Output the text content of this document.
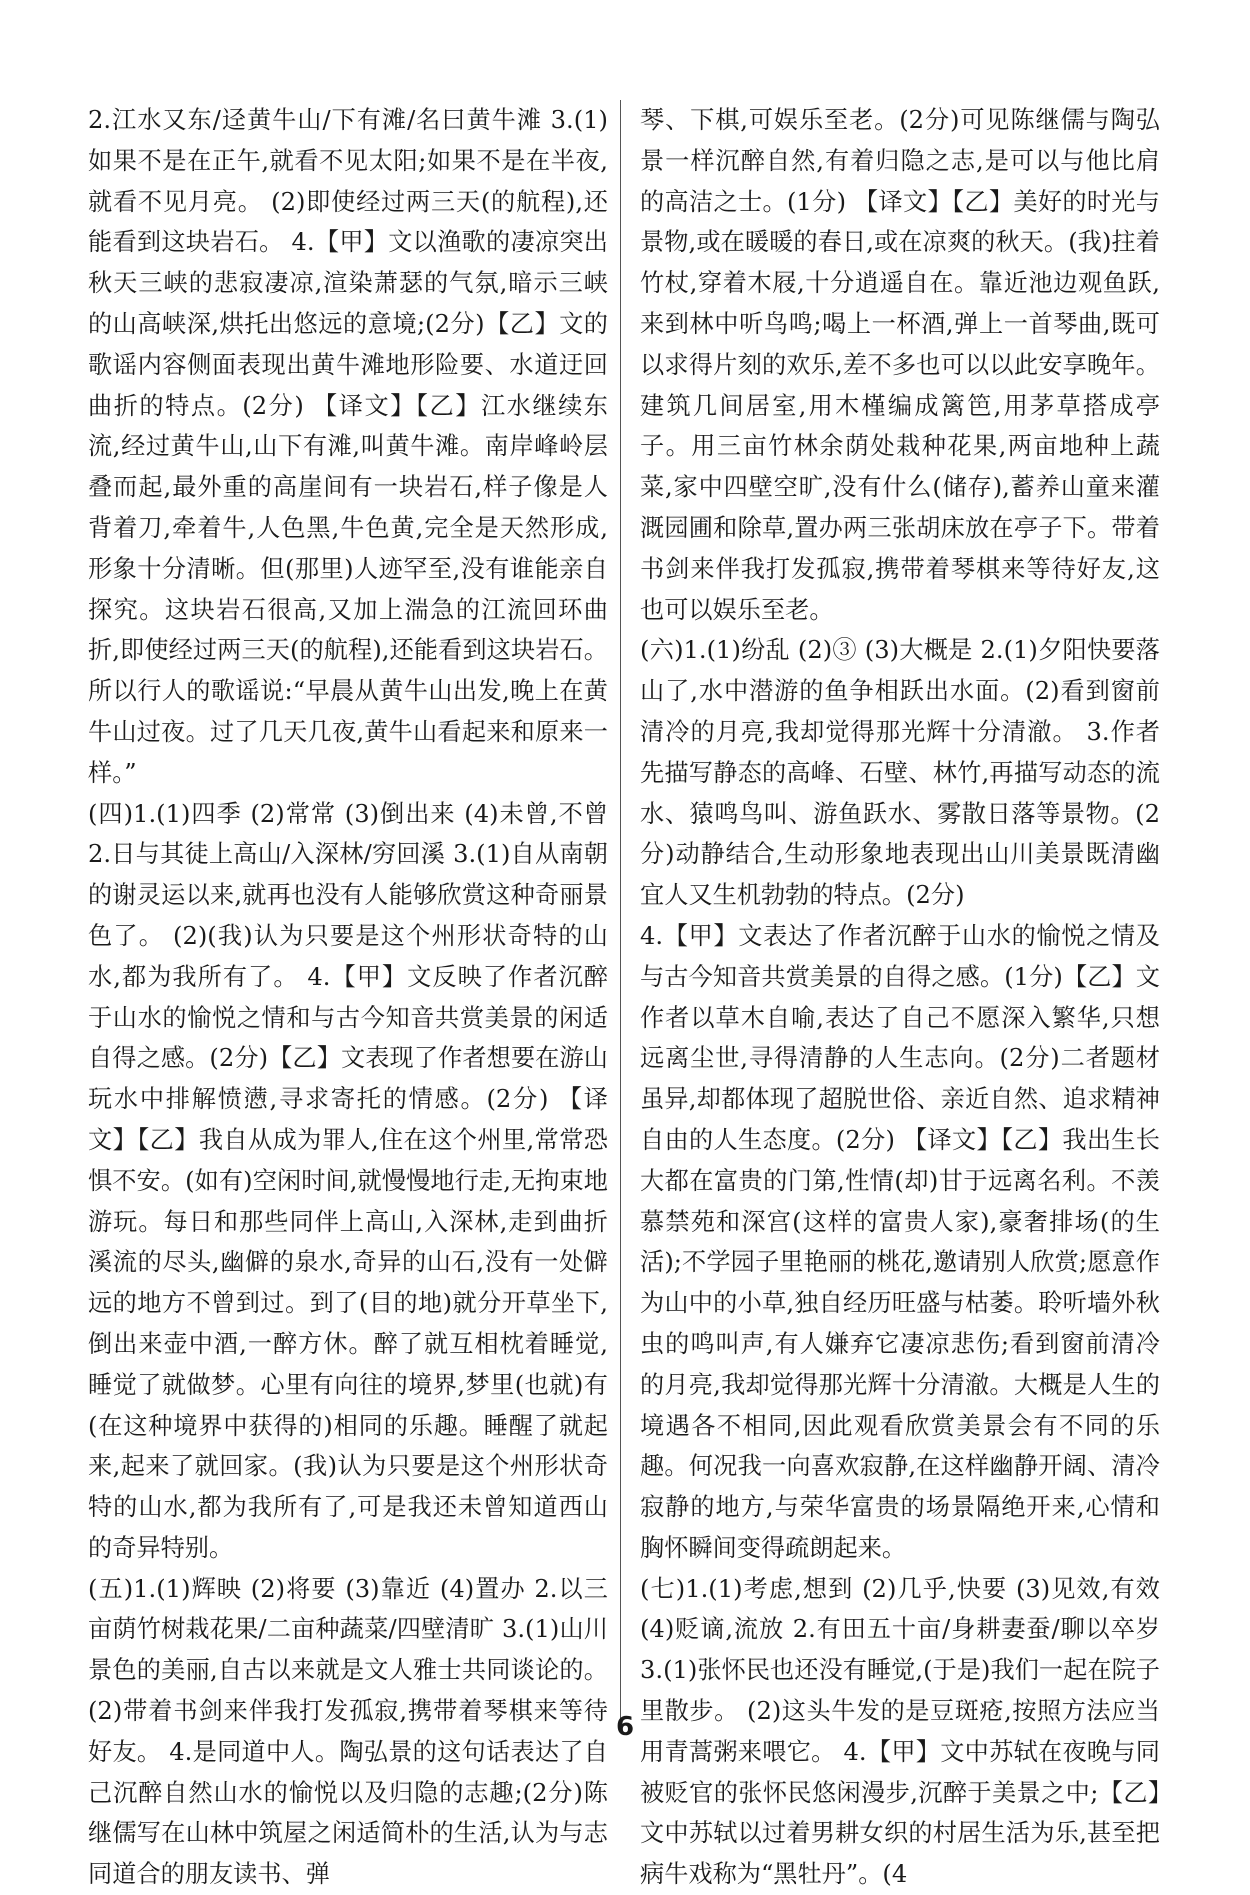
2.江水又东/迳黄牛山/下有滩/名曰黄牛滩 3.(1)如果不是在正午,就看不见太阳;如果不是在半夜,就看不见月亮。 (2)即使经过两三天(的航程),还能看到这块岩石。 4.【甲】文以渔歌的凄凉突出秋天三峡的悲寂凄凉,渲染萧瑟的气氛,暗示三峡的山高峡深,烘托出悠远的意境;(2分)【乙】文的歌谣内容侧面表现出黄牛滩地形险要、水道迂回曲折的特点。(2分) 【译文】【乙】江水继续东流,经过黄牛山,山下有滩,叫黄牛滩。南岸峰岭层叠而起,最外重的高崖间有一块岩石,样子像是人背着刀,牵着牛,人色黑,牛色黄,完全是天然形成,形象十分清晰。但(那里)人迹罕至,没有谁能亲自探究。这块岩石很高,又加上湍急的江流回环曲折,即使经过两三天(的航程),还能看到这块岩石。所以行人的歌谣说:“早晨从黄牛山出发,晚上在黄牛山过夜。过了几天几夜,黄牛山看起来和原来一样。”

(四)1.(1)四季 (2)常常 (3)倒出来 (4)未曾,不曾 2.日与其徒上高山/入深林/穷回溪 3.(1)自从南朝的谢灵运以来,就再也没有人能够欣赏这种奇丽景色了。 (2)(我)认为只要是这个州形状奇特的山水,都为我所有了。 4.【甲】文反映了作者沉醉于山水的愉悦之情和与古今知音共赏美景的闲适自得之感。(2分)【乙】文表现了作者想要在游山玩水中排解愤懑,寻求寄托的情感。(2分) 【译文】【乙】我自从成为罪人,住在这个州里,常常恐惧不安。(如有)空闲时间,就慢慢地行走,无拘束地游玩。每日和那些同伴上高山,入深林,走到曲折溪流的尽头,幽僻的泉水,奇异的山石,没有一处僻远的地方不曾到过。到了(目的地)就分开草坐下,倒出来壶中酒,一醉方休。醉了就互相枕着睡觉,睡觉了就做梦。心里有向往的境界,梦里(也就)有(在这种境界中获得的)相同的乐趣。睡醒了就起来,起来了就回家。(我)认为只要是这个州形状奇特的山水,都为我所有了,可是我还未曾知道西山的奇异特别。

(五)1.(1)辉映 (2)将要 (3)靠近 (4)置办 2.以三亩荫竹树栽花果/二亩种蔬菜/四壁清旷 3.(1)山川景色的美丽,自古以来就是文人雅士共同谈论的。 (2)带着书剑来伴我打发孤寂,携带着琴棋来等待好友。 4.是同道中人。陶弘景的这句话表达了自己沉醉自然山水的愉悦以及归隐的志趣;(2分)陈继儒写在山林中筑屋之闲适简朴的生活,认为与志同道合的朋友读书、弹

琴、下棋,可娱乐至老。(2分)可见陈继儒与陶弘景一样沉醉自然,有着归隐之志,是可以与他比肩的高洁之士。(1分) 【译文】【乙】美好的时光与景物,或在暖暖的春日,或在凉爽的秋天。(我)拄着竹杖,穿着木屐,十分逍遥自在。靠近池边观鱼跃,来到林中听鸟鸣;喝上一杯酒,弹上一首琴曲,既可以求得片刻的欢乐,差不多也可以以此安享晚年。建筑几间居室,用木槿编成篱笆,用茅草搭成亭子。用三亩竹林余荫处栽种花果,两亩地种上蔬菜,家中四壁空旷,没有什么(储存),蓄养山童来灌溉园圃和除草,置办两三张胡床放在亭子下。带着书剑来伴我打发孤寂,携带着琴棋来等待好友,这也可以娱乐至老。

(六)1.(1)纷乱 (2)③ (3)大概是 2.(1)夕阳快要落山了,水中潜游的鱼争相跃出水面。(2)看到窗前清冷的月亮,我却觉得那光辉十分清澈。 3.作者先描写静态的高峰、石壁、林竹,再描写动态的流水、猿鸣鸟叫、游鱼跃水、雾散日落等景物。(2分)动静结合,生动形象地表现出山川美景既清幽宜人又生机勃勃的特点。(2分)

4.【甲】文表达了作者沉醉于山水的愉悦之情及与古今知音共赏美景的自得之感。(1分)【乙】文作者以草木自喻,表达了自己不愿深入繁华,只想远离尘世,寻得清静的人生志向。(2分)二者题材虽异,却都体现了超脱世俗、亲近自然、追求精神自由的人生态度。(2分) 【译文】【乙】我出生长大都在富贵的门第,性情(却)甘于远离名利。不羡慕禁苑和深宫(这样的富贵人家),豪奢排场(的生活);不学园子里艳丽的桃花,邀请别人欣赏;愿意作为山中的小草,独自经历旺盛与枯萎。聆听墙外秋虫的鸣叫声,有人嫌弃它凄凉悲伤;看到窗前清冷的月亮,我却觉得那光辉十分清澈。大概是人生的境遇各不相同,因此观看欣赏美景会有不同的乐趣。何况我一向喜欢寂静,在这样幽静开阔、清冷寂静的地方,与荣华富贵的场景隔绝开来,心情和胸怀瞬间变得疏朗起来。

(七)1.(1)考虑,想到 (2)几乎,快要 (3)见效,有效 (4)贬谪,流放 2.有田五十亩/身耕妻蚕/聊以卒岁 3.(1)张怀民也还没有睡觉,(于是)我们一起在院子里散步。 (2)这头牛发的是豆斑疮,按照方法应当用青蒿粥来喂它。 4.【甲】文中苏轼在夜晚与同被贬官的张怀民悠闲漫步,沉醉于美景之中;【乙】文中苏轼以过着男耕女织的村居生活为乐,甚至把病牛戏称为“黑牡丹”。(4

6
